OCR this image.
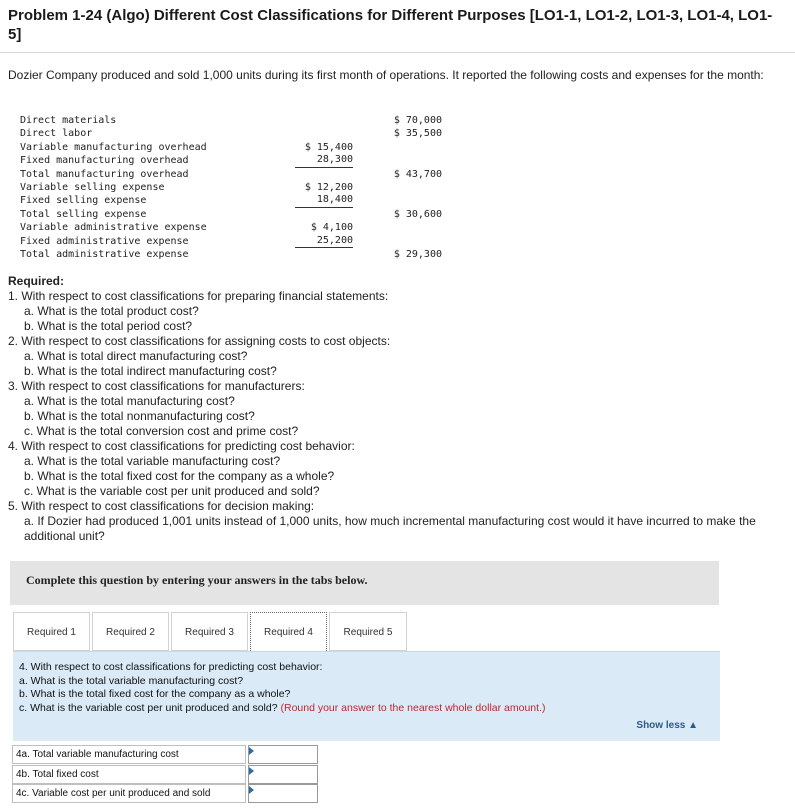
Problem 1-24 (Algo) Different Cost Classifications for Different Purposes [LO1-1, LO1-2, LO1-3, LO1-4, LO1-5]
Dozier Company produced and sold 1,000 units during its first month of operations. It reported the following costs and expenses for the month:
Direct materials	$ 70,000
Direct labor	$ 35,500
Variable manufacturing overhead	$ 15,400
Fixed manufacturing overhead	28,300
Total manufacturing overhead	$ 43,700
Variable selling expense	$ 12,200
Fixed selling expense	18,400
Total selling expense	$ 30,600
Variable administrative expense	$ 4,100
Fixed administrative expense	25,200
Total administrative expense	$ 29,300
Required:
1. With respect to cost classifications for preparing financial statements:
a. What is the total product cost?
b. What is the total period cost?
2. With respect to cost classifications for assigning costs to cost objects:
a. What is total direct manufacturing cost?
b. What is the total indirect manufacturing cost?
3. With respect to cost classifications for manufacturers:
a. What is the total manufacturing cost?
b. What is the total nonmanufacturing cost?
c. What is the total conversion cost and prime cost?
4. With respect to cost classifications for predicting cost behavior:
a. What is the total variable manufacturing cost?
b. What is the total fixed cost for the company as a whole?
c. What is the variable cost per unit produced and sold?
5. With respect to cost classifications for decision making:
a. If Dozier had produced 1,001 units instead of 1,000 units, how much incremental manufacturing cost would it have incurred to make the additional unit?
Complete this question by entering your answers in the tabs below.
Required 1	Required 2	Required 3	Required 4	Required 5
4. With respect to cost classifications for predicting cost behavior:
a. What is the total variable manufacturing cost?
b. What is the total fixed cost for the company as a whole?
c. What is the variable cost per unit produced and sold? (Round your answer to the nearest whole dollar amount.)
Show less ▲
4a. Total variable manufacturing cost
4b. Total fixed cost
4c. Variable cost per unit produced and sold
